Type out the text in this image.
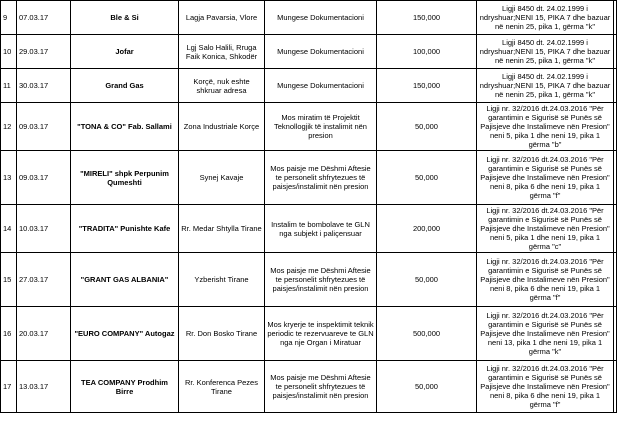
9	07.03.17	Ble & Si	Lagja Pavarsia, Vlore	Mungese Dokumentacioni	150,000	Ligji 8450 dt. 24.02.1999 i ndryshuar;NENI 15, PIKA 7 dhe bazuar në nenin 25, pika 1, gërma "k"	
10	29.03.17	Jofar	Lgj Salo Halili, Rruga Faik Konica, Shkodër	Mungese Dokumentacioni	100,000	Ligji 8450 dt. 24.02.1999 i ndryshuar;NENI 15, PIKA 7 dhe bazuar në nenin 25, pika 1, gërma "k"	
11	30.03.17	Grand Gas	Korçë, nuk eshte shkruar adresa	Mungese Dokumentacioni	150,000	Ligji 8450 dt. 24.02.1999 i ndryshuar;NENI 15, PIKA 7 dhe bazuar në nenin 25, pika 1, gërma "k"	
12	09.03.17	"TONA & CO" Fab. Sallami	Zona Industriale Korçe	Mos miratim të Projektit Teknollogjik të instalimit nën presion	50,000	Ligji nr. 32/2016 dt.24.03.2016 "Për garantimin e Sigurisë së Punës së Pajisjeve dhe Instalimeve nën Presion" neni 5, pika 1 dhe neni 19, pika 1 gërma "b"	
13	09.03.17	"MIRELI" shpk Perpunim Qumeshti	Synej Kavaje	Mos paisje me Dëshmi Aftesie te personelit shfrytezues të paisjes/instalimit nën presion	50,000	Ligji nr. 32/2016 dt.24.03.2016 "Për garantimin e Sigurisë së Punës së Pajisjeve dhe Instalimeve nën Presion" neni 8, pika 6 dhe neni 19, pika 1 gërma "f"	
14	10.03.17	"TRADITA" Punishte Kafe	Rr. Medar Shtylla Tirane	Instalim te bombolave te GLN nga subjekt i paliçensuar	200,000	Ligji nr. 32/2016 dt.24.03.2016 "Për garantimin e Sigurisë së Punës së Pajisjeve dhe Instalimeve nën Presion" neni 5, pika 1 dhe neni 19, pika 1 gërma "c"	
15	27.03.17	"GRANT GAS ALBANIA"	Yzberisht Tirane	Mos paisje me Dëshmi Aftesie te personelit shfrytezues të paisjes/instalimit nën presion	50,000	Ligji nr. 32/2016 dt.24.03.2016 "Për garantimin e Sigurisë së Punës së Pajisjeve dhe Instalimeve nën Presion" neni 8, pika 6 dhe neni 19, pika 1 gërma "f"	
16	20.03.17	"EURO COMPANY" Autogaz	Rr. Don Bosko Tirane	Mos kryerje te inspektimit teknik periodic te rezervuareve te GLN nga nje Organ i Miratuar	500,000	Ligji nr. 32/2016 dt.24.03.2016 "Për garantimin e Sigurisë së Punës së Pajisjeve dhe Instalimeve nën Presion" neni 13, pika 1 dhe neni 19, pika 1 gërma "k"	
17	13.03.17	TEA COMPANY Prodhim Birre	Rr. Konferenca Pezes Tirane	Mos paisje me Dëshmi Aftesie te personelit shfrytezues të paisjes/instalimit nën presion	50,000	Ligji nr. 32/2016 dt.24.03.2016 "Për garantimin e Sigurisë së Punës së Pajisjeve dhe Instalimeve nën Presion" neni 8, pika 6 dhe neni 19, pika 1 gërma "f"	
